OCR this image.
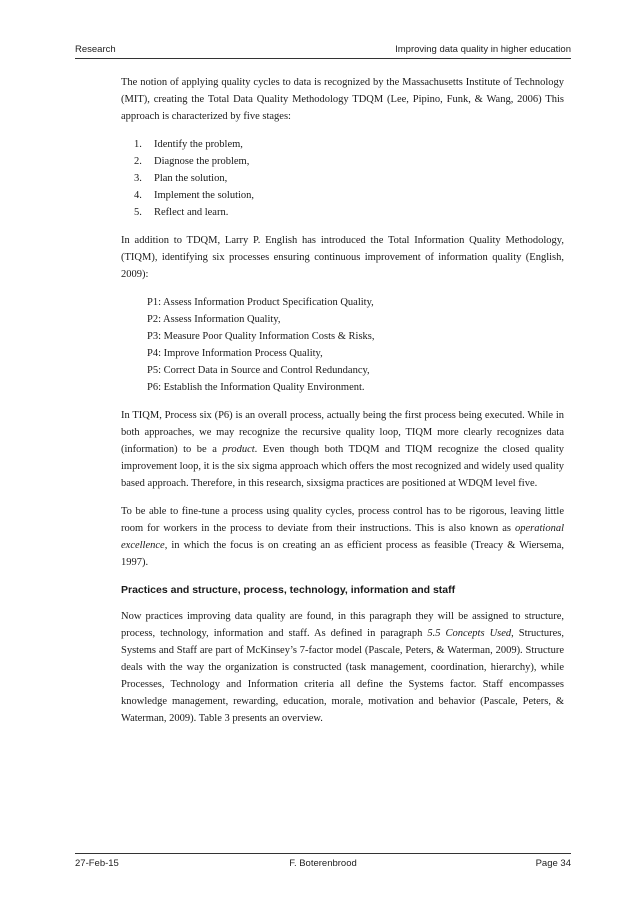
Research	Improving data quality in higher education

The notion of applying quality cycles to data is recognized by the Massachusetts Institute of Technology (MIT), creating the Total Data Quality Methodology TDQM (Lee, Pipino, Funk, & Wang, 2006) This approach is characterized by five stages:

1. Identify the problem,
2. Diagnose the problem,
3. Plan the solution,
4. Implement the solution,
5. Reflect and learn.

In addition to TDQM, Larry P. English has introduced the Total Information Quality Methodology, (TIQM), identifying six processes ensuring continuous improvement of information quality (English, 2009):

P1: Assess Information Product Specification Quality,
P2: Assess Information Quality,
P3: Measure Poor Quality Information Costs & Risks,
P4: Improve Information Process Quality,
P5: Correct Data in Source and Control Redundancy,
P6: Establish the Information Quality Environment.

In TIQM, Process six (P6) is an overall process, actually being the first process being executed. While in both approaches, we may recognize the recursive quality loop, TIQM more clearly recognizes data (information) to be a product. Even though both TDQM and TIQM recognize the closed quality improvement loop, it is the six sigma approach which offers the most recognized and widely used quality based approach. Therefore, in this research, sixsigma practices are positioned at WDQM level five.

To be able to fine-tune a process using quality cycles, process control has to be rigorous, leaving little room for workers in the process to deviate from their instructions. This is also known as operational excellence, in which the focus is on creating an as efficient process as feasible (Treacy & Wiersema, 1997).

Practices and structure, process, technology, information and staff

Now practices improving data quality are found, in this paragraph they will be assigned to structure, process, technology, information and staff. As defined in paragraph 5.5 Concepts Used, Structures, Systems and Staff are part of McKinsey’s 7-factor model (Pascale, Peters, & Waterman, 2009). Structure deals with the way the organization is constructed (task management, coordination, hierarchy), while Processes, Technology and Information criteria all define the Systems factor. Staff encompasses knowledge management, rewarding, education, morale, motivation and behavior (Pascale, Peters, & Waterman, 2009). Table 3 presents an overview.

27-Feb-15	F. Boterenbrood	Page 34
